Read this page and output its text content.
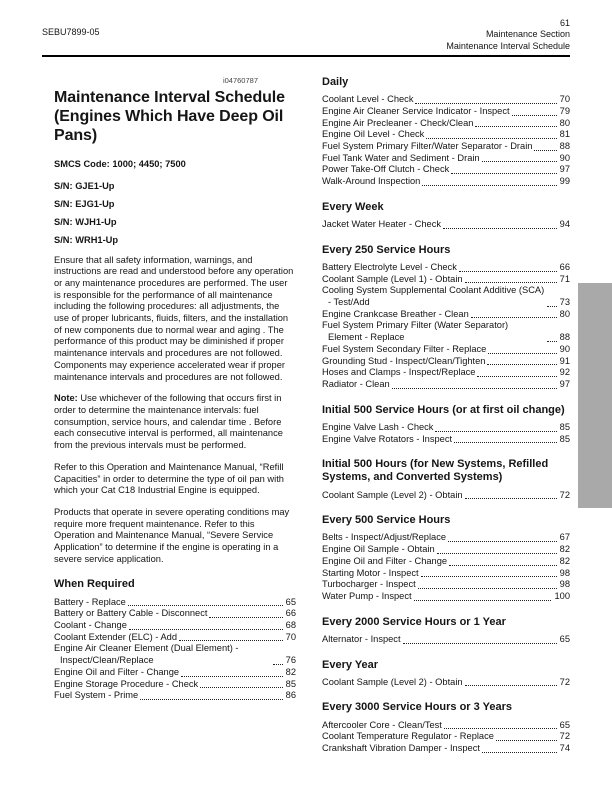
SEBU7899-05
61
Maintenance Section
Maintenance Interval Schedule
i04760787
Maintenance Interval Schedule (Engines Which Have Deep Oil Pans)

SMCS Code: 1000; 4450; 7500

S/N: GJE1-Up

S/N: EJG1-Up

S/N: WJH1-Up

S/N: WRH1-Up

Ensure that all safety information, warnings, and instructions are read and understood before any operation or any maintenance procedures are performed. The user is responsible for the performance of all maintenance including the following procedures: all adjustments, the use of proper lubricants, fluids, filters, and the installation of new components due to normal wear and aging . The performance of this product may be diminished if proper maintenance intervals and procedures are not followed. Components may experience accelerated wear if proper maintenance intervals and procedures are not followed.

Note: Use whichever of the following that occurs first in order to determine the maintenance intervals: fuel consumption, service hours, and calendar time . Before each consecutive interval is performed, all maintenance from the previous intervals must be performed.

Refer to this Operation and Maintenance Manual, “Refill Capacities” in order to determine the type of oil pan with which your Cat C18 Industrial Engine is equipped.

Products that operate in severe operating conditions may require more frequent maintenance. Refer to this Operation and Maintenance Manual, “Severe Service Application” to determine if the engine is operating in a severe service application.

When Required
Battery - Replace	65
Battery or Battery Cable - Disconnect	66
Coolant - Change	68
Coolant Extender (ELC) - Add	70
Engine Air Cleaner Element (Dual Element) - Inspect/Clean/Replace	76
Engine Oil and Filter - Change	82
Engine Storage Procedure - Check	85
Fuel System - Prime	86
Daily
Coolant Level - Check	70
Engine Air Cleaner Service Indicator - Inspect	79
Engine Air Precleaner - Check/Clean	80
Engine Oil Level - Check	81
Fuel System Primary Filter/Water Separator - Drain	88
Fuel Tank Water and Sediment - Drain	90
Power Take-Off Clutch - Check	97
Walk-Around Inspection	99
Every Week
Jacket Water Heater - Check	94
Every 250 Service Hours
Battery Electrolyte Level - Check	66
Coolant Sample (Level 1) - Obtain	71
Cooling System Supplemental Coolant Additive (SCA) - Test/Add	73
Engine Crankcase Breather - Clean	80
Fuel System Primary Filter (Water Separator) Element - Replace	88
Fuel System Secondary Filter - Replace	90
Grounding Stud - Inspect/Clean/Tighten	91
Hoses and Clamps - Inspect/Replace	92
Radiator - Clean	97
Initial 500 Service Hours (or at first oil change)
Engine Valve Lash - Check	85
Engine Valve Rotators - Inspect	85
Initial 500 Hours (for New Systems, Refilled Systems, and Converted Systems)
Coolant Sample (Level 2) - Obtain	72
Every 500 Service Hours
Belts - Inspect/Adjust/Replace	67
Engine Oil Sample - Obtain	82
Engine Oil and Filter - Change	82
Starting Motor - Inspect	98
Turbocharger - Inspect	98
Water Pump - Inspect	100
Every 2000 Service Hours or 1 Year
Alternator - Inspect	65
Every Year
Coolant Sample (Level 2) - Obtain	72
Every 3000 Service Hours or 3 Years
Aftercooler Core - Clean/Test	65
Coolant Temperature Regulator - Replace	72
Crankshaft Vibration Damper - Inspect	74
